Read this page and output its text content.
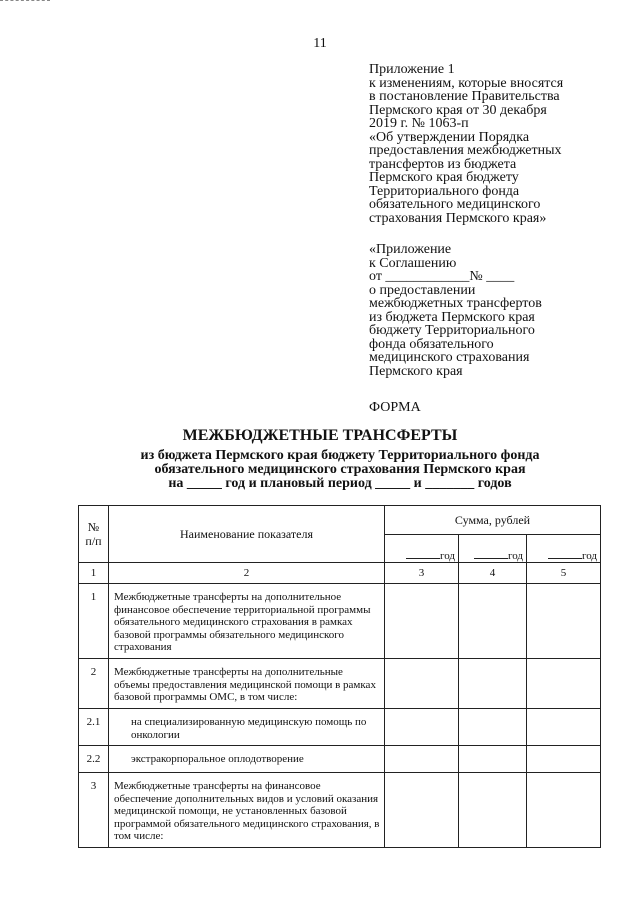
11
Приложение 1
к изменениям, которые вносятся
в постановление Правительства
Пермского края от 30 декабря
2019 г. № 1063-п
«Об утверждении Порядка
предоставления межбюджетных
трансфертов из бюджета
Пермского края бюджету
Территориального фонда
обязательного медицинского
страхования Пермского края»
«Приложение
к Соглашению
от ____________№ ____
о предоставлении
межбюджетных трансфертов
из бюджета Пермского края
бюджету Территориального
фонда обязательного
медицинского страхования
Пермского края
ФОРМА
МЕЖБЮДЖЕТНЫЕ ТРАНСФЕРТЫ
из бюджета Пермского края бюджету Территориального фонда
обязательного медицинского страхования Пермского края
на _____ год и плановый период _____ и _______ годов
№ п/п	Наименование показателя	Сумма, рублей		
		год	год	год
1	2	3	4	5
1	Межбюджетные трансферты на дополнительное финансовое обеспечение территориальной программы обязательного медицинского страхования в рамках базовой программы обязательного медицинского страхования			

2	Межбюджетные трансферты на дополнительные объемы предоставления медицинской помощи в рамках базовой программы ОМС, в том числе:			

2.1	на специализированную медицинскую помощь по онкологии			

2.2	экстракорпоральное оплодотворение			

3	Межбюджетные трансферты на финансовое обеспечение дополнительных видов и условий оказания медицинской помощи, не установленных базовой программой обязательного медицинского страхования, в том числе:			
